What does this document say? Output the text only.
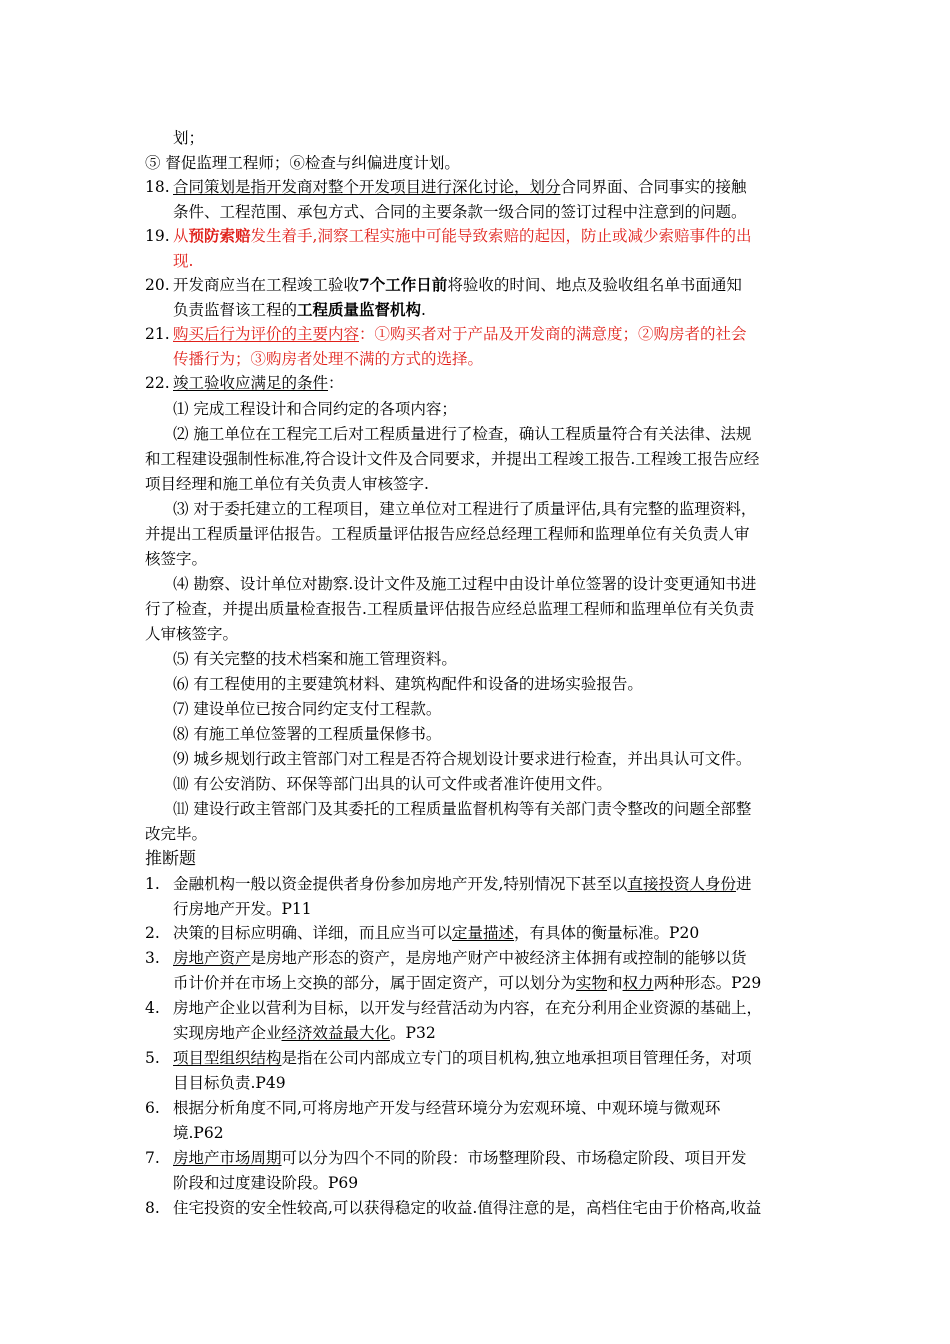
划；
⑤ 督促监理工程师；⑥检查与纠偏进度计划。
18. 合同策划是指开发商对整个开发项目进行深化讨论，划分合同界面、合同事实的接触
条件、工程范围、承包方式、合同的主要条款一级合同的签订过程中注意到的问题。
19. 从预防索赔发生着手,洞察工程实施中可能导致索赔的起因，防止或减少索赔事件的出
现.
20. 开发商应当在工程竣工验收7个工作日前将验收的时间、地点及验收组名单书面通知
负责监督该工程的工程质量监督机构.
21. 购买后行为评价的主要内容：①购买者对于产品及开发商的满意度；②购房者的社会
传播行为；③购房者处理不满的方式的选择。
22. 竣工验收应满足的条件：
⑴ 完成工程设计和合同约定的各项内容；
⑵ 施工单位在工程完工后对工程质量进行了检查，确认工程质量符合有关法律、法规
和工程建设强制性标准,符合设计文件及合同要求，并提出工程竣工报告.工程竣工报告应经
项目经理和施工单位有关负责人审核签字.
⑶ 对于委托建立的工程项目，建立单位对工程进行了质量评估,具有完整的监理资料，
并提出工程质量评估报告。工程质量评估报告应经总经理工程师和监理单位有关负责人审
核签字。
⑷ 勘察、设计单位对勘察.设计文件及施工过程中由设计单位签署的设计变更通知书进
行了检查，并提出质量检查报告.工程质量评估报告应经总监理工程师和监理单位有关负责
人审核签字。
⑸ 有关完整的技术档案和施工管理资料。
⑹ 有工程使用的主要建筑材料、建筑构配件和设备的进场实验报告。
⑺ 建设单位已按合同约定支付工程款。
⑻ 有施工单位签署的工程质量保修书。
⑼ 城乡规划行政主管部门对工程是否符合规划设计要求进行检查，并出具认可文件。
⑽ 有公安消防、环保等部门出具的认可文件或者准许使用文件。
⑾ 建设行政主管部门及其委托的工程质量监督机构等有关部门责令整改的问题全部整
改完毕。
推断题
1. 金融机构一般以资金提供者身份参加房地产开发,特别情况下甚至以直接投资人身份进
行房地产开发。P11
2. 决策的目标应明确、详细，而且应当可以定量描述，有具体的衡量标准。P20
3. 房地产资产是房地产形态的资产，是房地产财产中被经济主体拥有或控制的能够以货
币计价并在市场上交换的部分，属于固定资产，可以划分为实物和权力两种形态。P29
4. 房地产企业以营利为目标，以开发与经营活动为内容，在充分利用企业资源的基础上，
实现房地产企业经济效益最大化。P32
5. 项目型组织结构是指在公司内部成立专门的项目机构,独立地承担项目管理任务，对项
目目标负责.P49
6. 根据分析角度不同,可将房地产开发与经营环境分为宏观环境、中观环境与微观环
境.P62
7. 房地产市场周期可以分为四个不同的阶段：市场整理阶段、市场稳定阶段、项目开发
阶段和过度建设阶段。P69
8. 住宅投资的安全性较高,可以获得稳定的收益.值得注意的是，高档住宅由于价格高,收益
